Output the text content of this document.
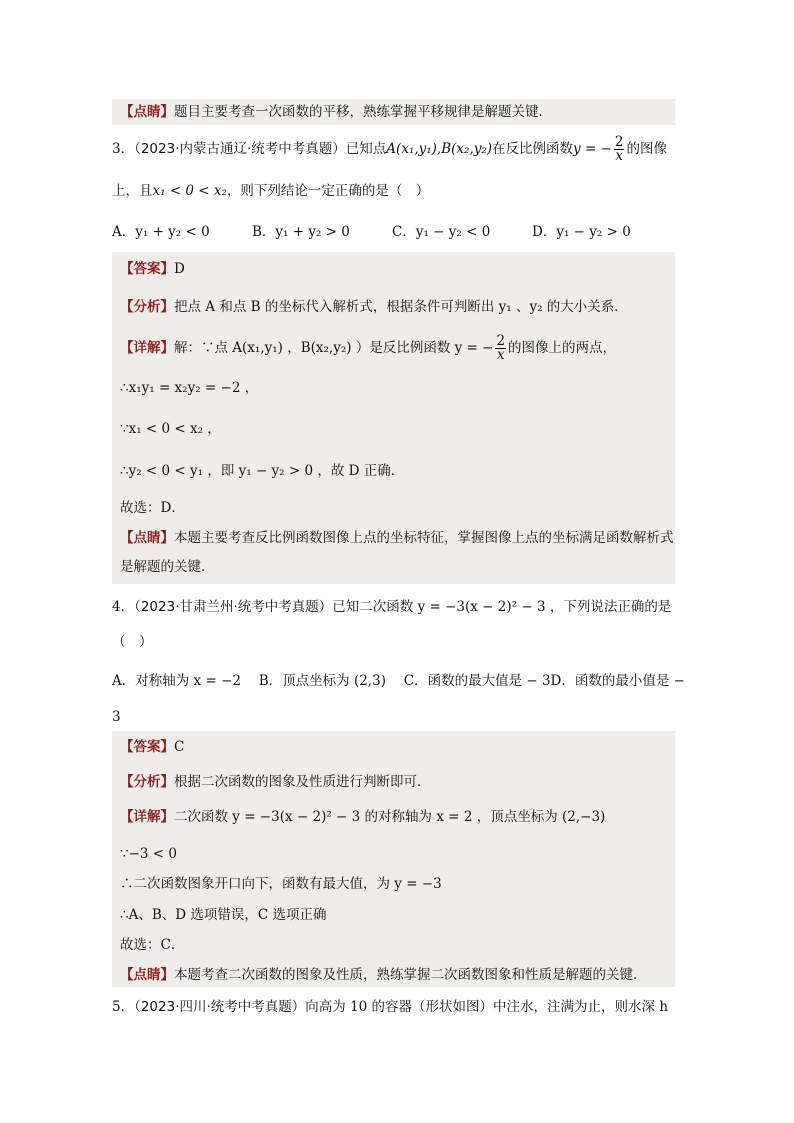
【点睛】题目主要考查一次函数的平移，熟练掌握平移规律是解题关键．
3．（2023·内蒙古通辽·统考中考真题）已知点A(x₁,y₁),B(x₂,y₂)在反比例函数y = − $\frac{2}{x}$ 的图像
上，且x₁ < 0 < x₂，则下列结论一定正确的是（　）
A．y₁ + y₂ < 0	B．y₁ + y₂ > 0	C．y₁ − y₂ < 0	D．y₁ − y₂ > 0
【答案】D
【分析】把点 A 和点 B 的坐标代入解析式，根据条件可判断出 y₁ 、y₂ 的大小关系．
【详解】解：∵点 A(x₁,y₁) ，B(x₂,y₂) ）是反比例函数 y = − $\frac{2}{x}$ 的图像上的两点，
∴x₁y₁ = x₂y₂ = −2 ，
∵x₁ < 0 < x₂ ，
∴y₂ < 0 < y₁ ，即 y₁ − y₂ > 0 ，故 D 正确．
故选：D．
【点睛】本题主要考查反比例函数图像上点的坐标特征，掌握图像上点的坐标满足函数解析式是解题的关键．
4．（2023·甘肃兰州·统考中考真题）已知二次函数 y = −3(x − 2)² − 3 ，下列说法正确的是
（　）
A．对称轴为 x = −2　 B．顶点坐标为 (2,3)　 C．函数的最大值是 − 3D．函数的最小值是 −
3
【答案】C
【分析】根据二次函数的图象及性质进行判断即可．
【详解】二次函数 y = −3(x − 2)² − 3 的对称轴为 x = 2 ，顶点坐标为 (2,−3)
∵−3 < 0
∴二次函数图象开口向下，函数有最大值，为 y = −3
∴A、B、D 选项错误，C 选项正确
故选：C．
【点睛】本题考查二次函数的图象及性质，熟练掌握二次函数图象和性质是解题的关键．
5．（2023·四川·统考中考真题）向高为 10 的容器（形状如图）中注水，注满为止，则水深 h
